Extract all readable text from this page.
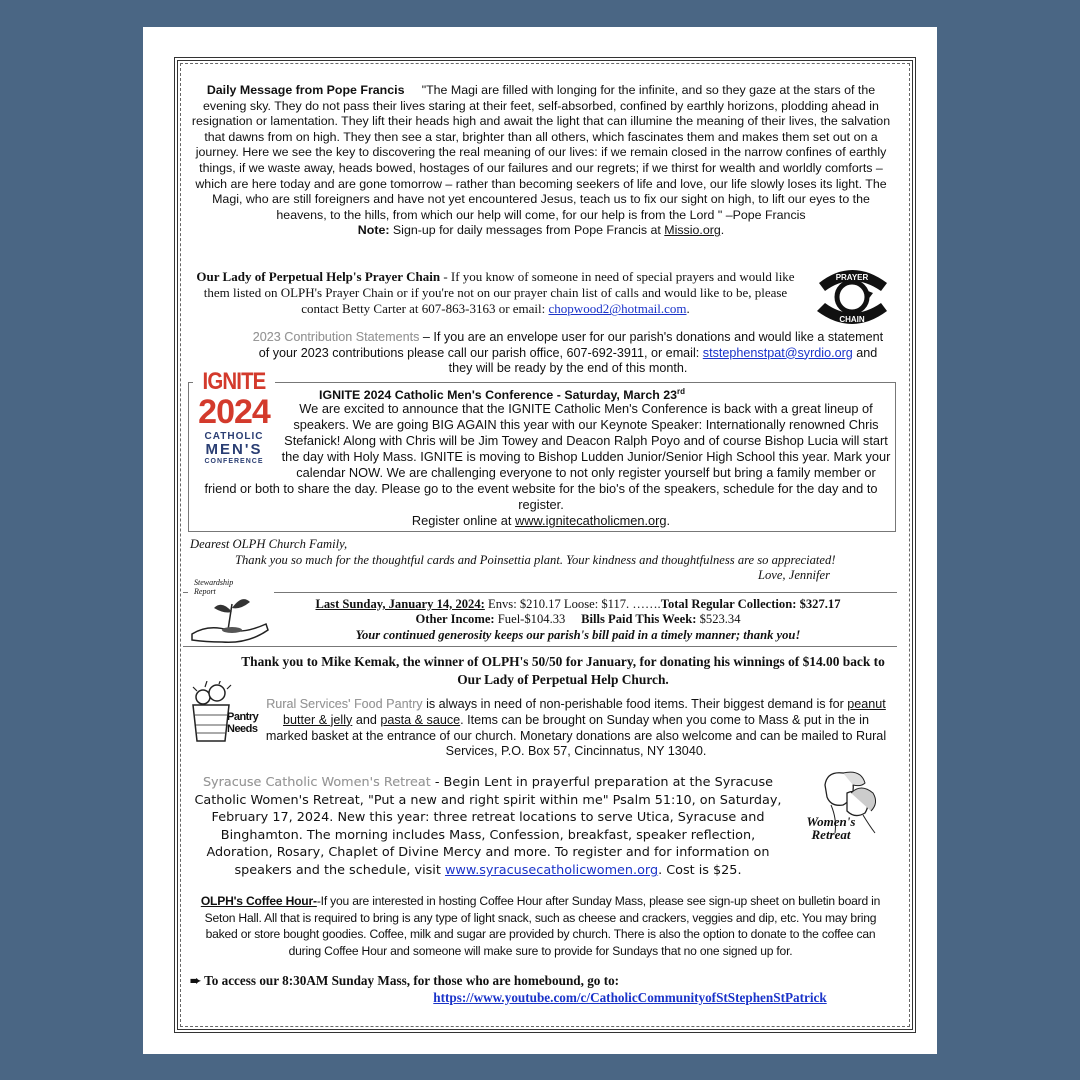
Daily Message from Pope Francis "The Magi are filled with longing for the infinite, and so they gaze at the stars of the evening sky. They do not pass their lives staring at their feet, self-absorbed, confined by earthly horizons, plodding ahead in resignation or lamentation. They lift their heads high and await the light that can illumine the meaning of their lives, the salvation that dawns from on high. They then see a star, brighter than all others, which fascinates them and makes them set out on a journey. Here we see the key to discovering the real meaning of our lives: if we remain closed in the narrow confines of earthly things, if we waste away, heads bowed, hostages of our failures and our regrets; if we thirst for wealth and worldly comforts – which are here today and are gone tomorrow – rather than becoming seekers of life and love, our life slowly loses its light. The Magi, who are still foreigners and have not yet encountered Jesus, teach us to fix our sight on high, to lift our eyes to the heavens, to the hills, from which our help will come, for our help is from the Lord " –Pope Francis
Note: Sign-up for daily messages from Pope Francis at Missio.org.
Our Lady of Perpetual Help's Prayer Chain - If you know of someone in need of special prayers and would like them listed on OLPH's Prayer Chain or if you're not on our prayer chain list of calls and would like to be, please contact Betty Carter at 607-863-3163 or email: chopwood2@hotmail.com.
PRAYER
CHAIN
2023 Contribution Statements – If you are an envelope user for our parish's donations and would like a statement of your 2023 contributions please call our parish office, 607-692-3911, or email: ststephenstpat@syrdio.org and they will be ready by the end of this month.
IGNITE
2024
CATHOLIC
MEN'S
CONFERENCE
IGNITE 2024 Catholic Men's Conference - Saturday, March 23rd
We are excited to announce that the IGNITE Catholic Men's Conference is back with a great lineup of speakers. We are going BIG AGAIN this year with our Keynote Speaker: Internationally renowned Chris Stefanick! Along with Chris will be Jim Towey and Deacon Ralph Poyo and of course Bishop Lucia will start the day with Holy Mass. IGNITE is moving to Bishop Ludden Junior/Senior High School this year. Mark your calendar NOW. We are challenging everyone to not only register yourself but bring a family member or friend or both to share the day. Please go to the event website for the bio's of the speakers, schedule for the day and to register.
Register online at www.ignitecatholicmen.org.
Dearest OLPH Church Family,
Thank you so much for the thoughtful cards and Poinsettia plant. Your kindness and thoughtfulness are so appreciated!
Love, Jennifer
Stewardship Report
Last Sunday, January 14, 2024: Envs: $210.17 Loose: $117. …….Total Regular Collection: $327.17
Other Income: Fuel-$104.33 Bills Paid This Week: $523.34
Your continued generosity keeps our parish's bill paid in a timely manner; thank you!
Thank you to Mike Kemak, the winner of OLPH's 50/50 for January, for donating his winnings of $14.00 back to Our Lady of Perpetual Help Church.
Pantry Needs
Rural Services' Food Pantry is always in need of non-perishable food items. Their biggest demand is for peanut butter & jelly and pasta & sauce. Items can be brought on Sunday when you come to Mass & put in the in marked basket at the entrance of our church. Monetary donations are also welcome and can be mailed to Rural Services, P.O. Box 57, Cincinnatus, NY 13040.
Syracuse Catholic Women's Retreat - Begin Lent in prayerful preparation at the Syracuse Catholic Women's Retreat, "Put a new and right spirit within me" Psalm 51:10, on Saturday, February 17, 2024. New this year: three retreat locations to serve Utica, Syracuse and Binghamton. The morning includes Mass, Confession, breakfast, speaker reflection, Adoration, Rosary, Chaplet of Divine Mercy and more. To register and for information on speakers and the schedule, visit www.syracusecatholicwomen.org. Cost is $25.
Women's
Retreat
OLPH's Coffee Hour--If you are interested in hosting Coffee Hour after Sunday Mass, please see sign-up sheet on bulletin board in Seton Hall. All that is required to bring is any type of light snack, such as cheese and crackers, veggies and dip, etc. You may bring baked or store bought goodies. Coffee, milk and sugar are provided by church. There is also the option to donate to the coffee can during Coffee Hour and someone will make sure to provide for Sundays that no one signed up for.
➨ To access our 8:30AM Sunday Mass, for those who are homebound, go to:
https://www.youtube.com/c/CatholicCommunityofStStephenStPatrick
